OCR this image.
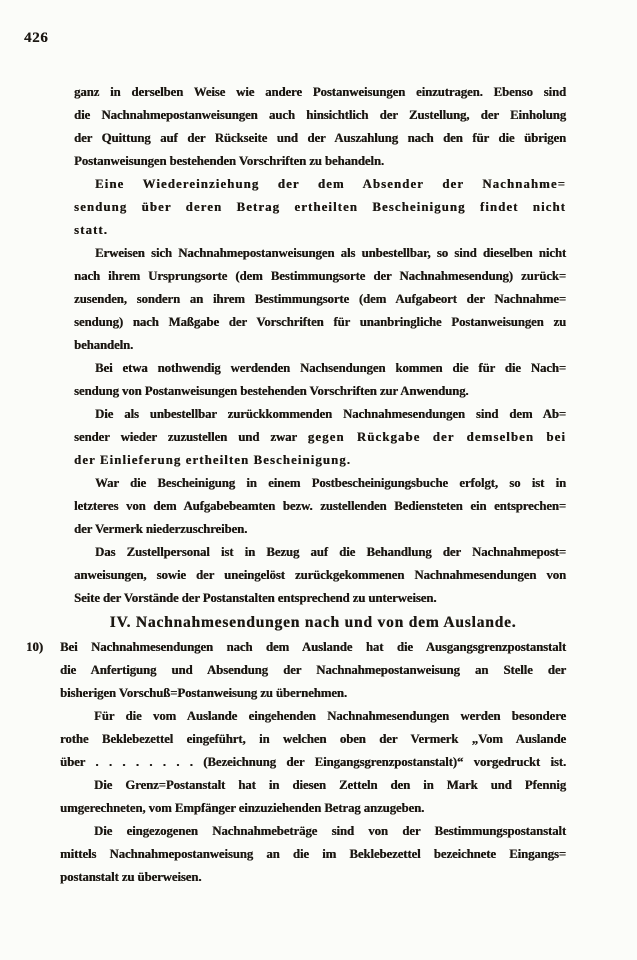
426
ganz in derselben Weise wie andere Postanweisungen einzutragen. Ebenso sind
die Nachnahmepostanweisungen auch hinsichtlich der Zustellung, der Einholung
der Quittung auf der Rückseite und der Auszahlung nach den für die übrigen
Postanweisungen bestehenden Vorschriften zu behandeln.
Eine Wiedereinziehung der dem Absender der Nachnahme=
sendung über deren Betrag ertheilten Bescheinigung findet nicht
statt.
Erweisen sich Nachnahmepostanweisungen als unbestellbar, so sind dieselben nicht
nach ihrem Ursprungsorte (dem Bestimmungsorte der Nachnahmesendung) zurück=
zusenden, sondern an ihrem Bestimmungsorte (dem Aufgabeort der Nachnahme=
sendung) nach Maßgabe der Vorschriften für unanbringliche Postanweisungen zu
behandeln.
Bei etwa nothwendig werdenden Nachsendungen kommen die für die Nach=
sendung von Postanweisungen bestehenden Vorschriften zur Anwendung.
Die als unbestellbar zurückkommenden Nachnahmesendungen sind dem Ab=
sender wieder zuzustellen und zwar gegen Rückgabe der demselben bei
der Einlieferung ertheilten Bescheinigung.
War die Bescheinigung in einem Postbescheinigungsbuche erfolgt, so ist in
letzteres von dem Aufgabebeamten bezw. zustellenden Bediensteten ein entsprechen=
der Vermerk niederzuschreiben.
Das Zustellpersonal ist in Bezug auf die Behandlung der Nachnahmepost=
anweisungen, sowie der uneingelöst zurückgekommenen Nachnahmesendungen von
Seite der Vorstände der Postanstalten entsprechend zu unterweisen.
IV. Nachnahmesendungen nach und von dem Auslande.
10) Bei Nachnahmesendungen nach dem Auslande hat die Ausgangsgrenzpostanstalt
die Anfertigung und Absendung der Nachnahmepostanweisung an Stelle der
bisherigen Vorschuß=Postanweisung zu übernehmen.
Für die vom Auslande eingehenden Nachnahmesendungen werden besondere
rothe Beklebezettel eingeführt, in welchen oben der Vermerk „Vom Auslande
über . . . . . . . . (Bezeichnung der Eingangsgrenzpostanstalt)“ vorgedruckt ist.
Die Grenz=Postanstalt hat in diesen Zetteln den in Mark und Pfennig
umgerechneten, vom Empfänger einzuziehenden Betrag anzugeben.
Die eingezogenen Nachnahmebeträge sind von der Bestimmungspostanstalt
mittels Nachnahmepostanweisung an die im Beklebezettel bezeichnete Eingangs=
postanstalt zu überweisen.
